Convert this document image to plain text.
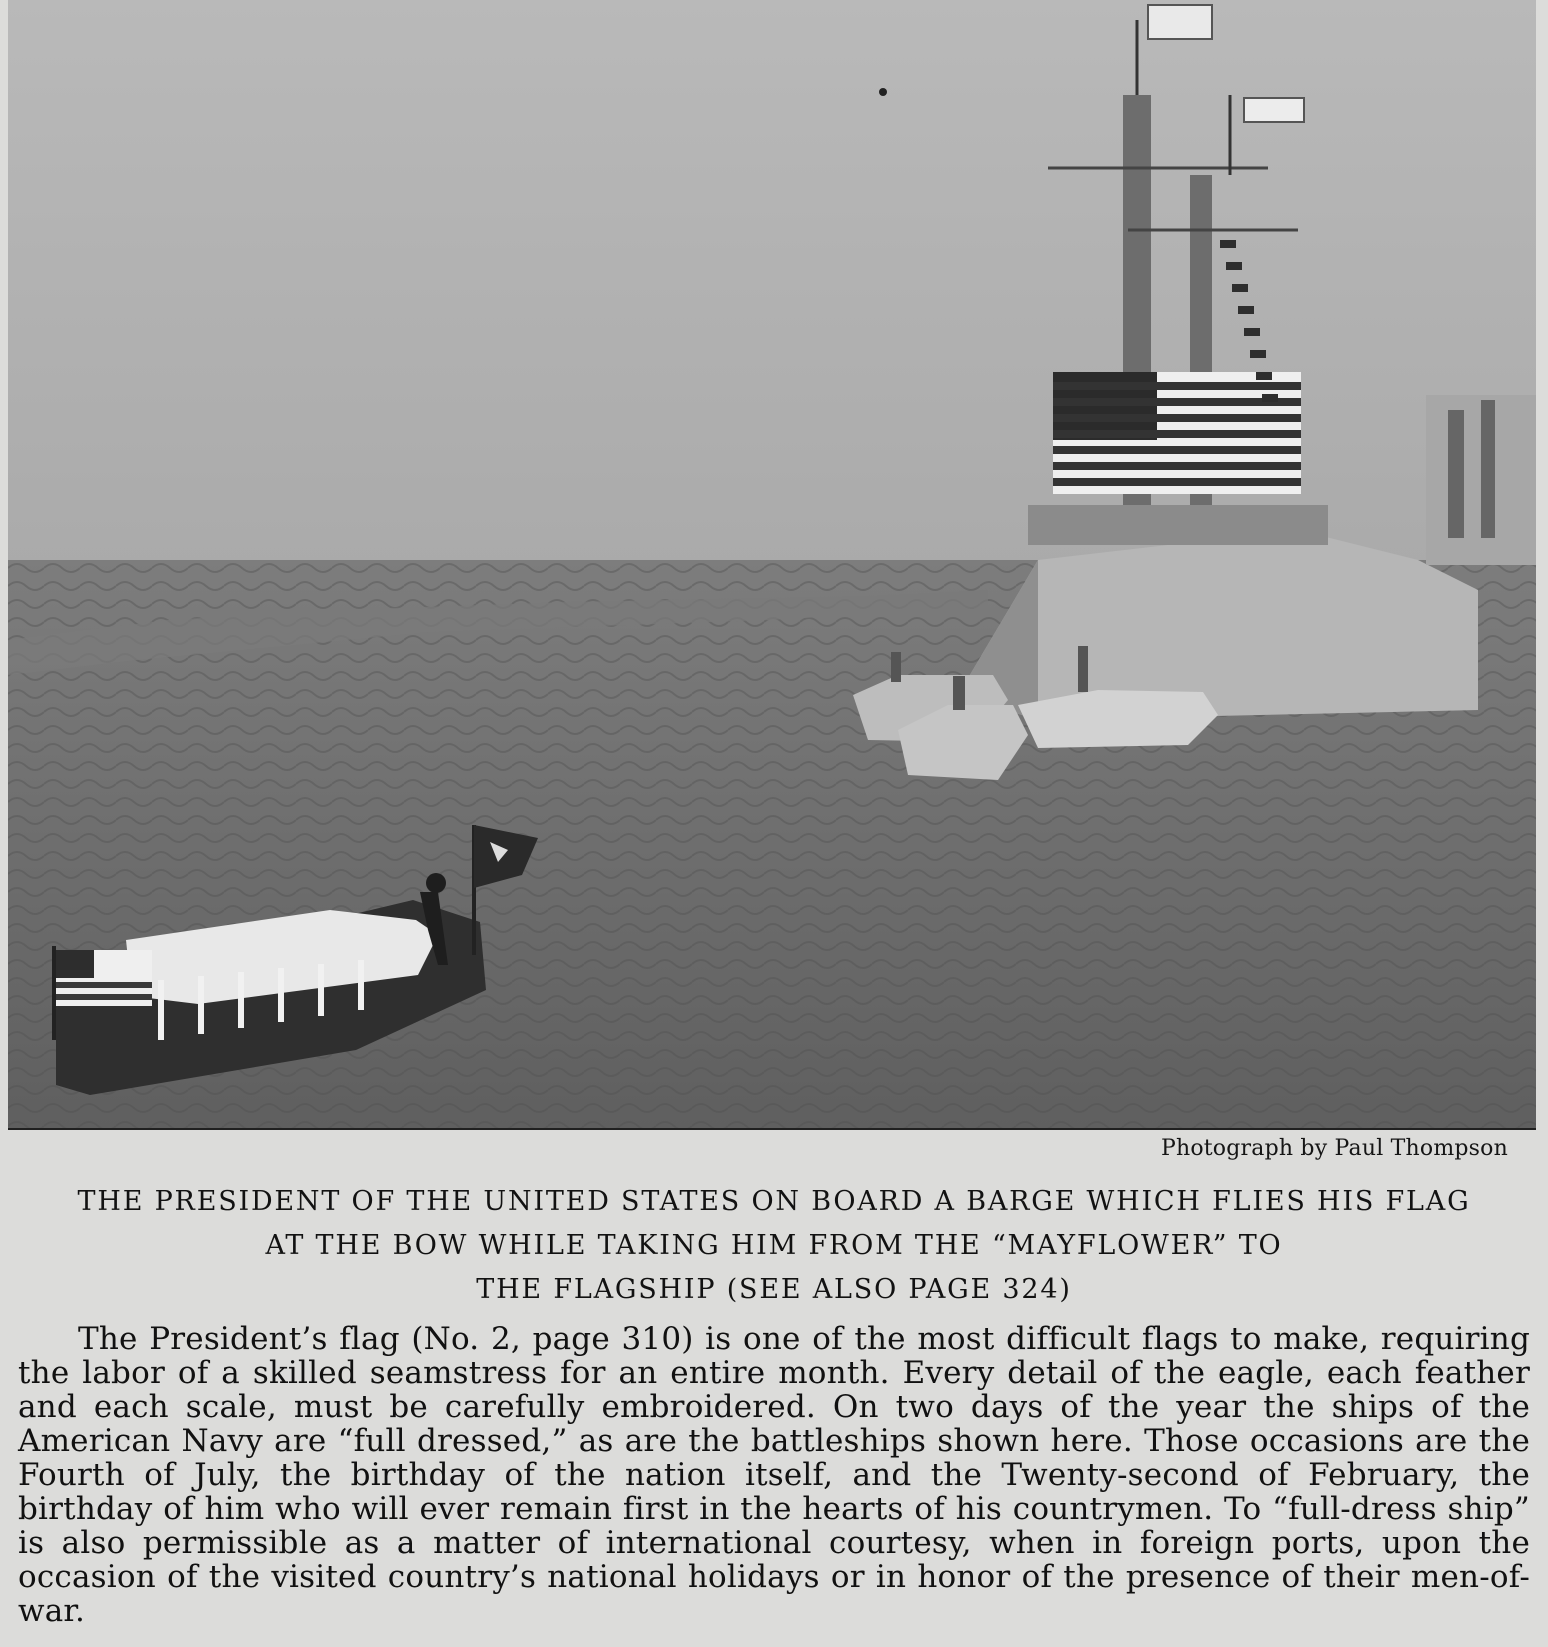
Photograph by Paul Thompson
THE PRESIDENT OF THE UNITED STATES ON BOARD A BARGE WHICH FLIES HIS FLAG
AT THE BOW WHILE TAKING HIM FROM THE “MAYFLOWER” TO
THE FLAGSHIP (SEE ALSO PAGE 324)
The President’s flag (No. 2, page 310) is one of the most difficult flags to make, requiring the labor of a skilled seamstress for an entire month. Every detail of the eagle, each feather and each scale, must be carefully embroidered. On two days of the year the ships of the American Navy are “full dressed,” as are the battleships shown here. Those occasions are the Fourth of July, the birthday of the nation itself, and the Twenty-second of February, the birthday of him who will ever remain first in the hearts of his countrymen. To “full-dress ship” is also permissible as a matter of international courtesy, when in foreign ports, upon the occasion of the visited country’s national holidays or in honor of the presence of their men-of-war.
